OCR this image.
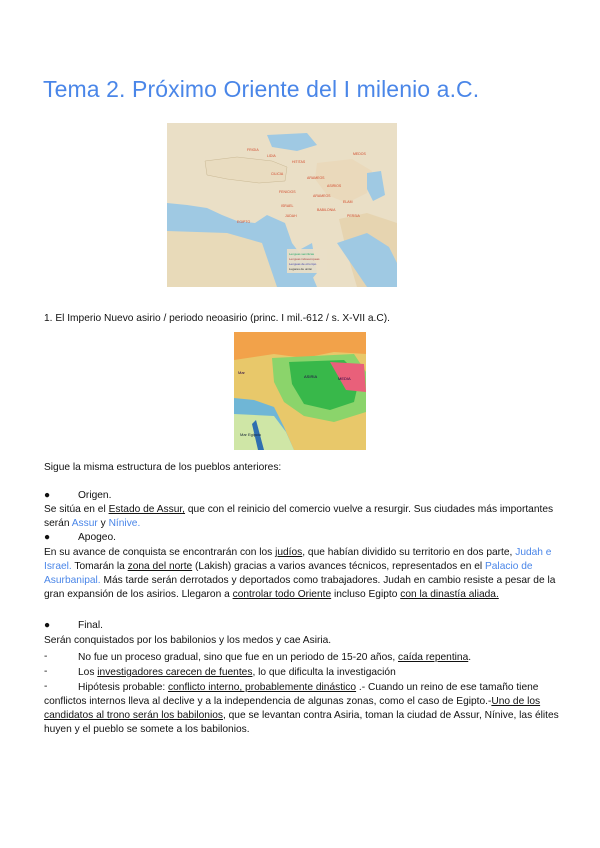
Tema 2. Próximo Oriente del I milenio a.C.
FRIGIA
LIDIA
HITITAS
CILICIA
ARAMEOS
ASIRIOS
FENICIOS
ARAMEOS
ELAM
ISRAEL
JUDAH
BABILONIA
PERSIA
EGIPTO
MEDOS
Lenguas semíticas
Lenguas indoeuropeas
Lenguas de otro tipo
Lugares de unión

1. El Imperio Nuevo asirio / periodo neoasirio (princ. I mil.-612 / s. X-VII a.C).

ASIRIA
Mar
MEDIA
Mar Egipcio

Sigue la misma estructura de los pueblos anteriores:

●	Origen.

Se sitúa en el Estado de Assur, que con el reinicio del comercio vuelve a resurgir. Sus ciudades más importantes serán Assur y Nínive.

●	Apogeo.

En su avance de conquista se encontrarán con los judíos, que habían dividido su territorio en dos parte, Judah e Israel. Tomarán la zona del norte (Lakish) gracias a varios avances técnicos, representados en el Palacio de Asurbanipal. Más tarde serán derrotados y deportados como trabajadores. Judah en cambio resiste a pesar de la gran expansión de los asirios. Llegaron a controlar todo Oriente incluso Egipto con la dinastía aliada.

●	Final.

Serán conquistados por los babilonios y los medos y cae Asiria.

-	No fue un proceso gradual, sino que fue en un periodo de 15-20 años, caída repentina.

-	Los investigadores carecen de fuentes, lo que dificulta la investigación

-	Hipótesis probable: conflicto interno, probablemente dinástico .- Cuando un reino de ese tamaño tiene conflictos internos lleva al declive y a la independencia de algunas zonas, como el caso de Egipto.-Uno de los candidatos al trono serán los babilonios, que se levantan contra Asiria, toman la ciudad de Assur, Nínive, las élites huyen y el pueblo se somete a los babilonios.
